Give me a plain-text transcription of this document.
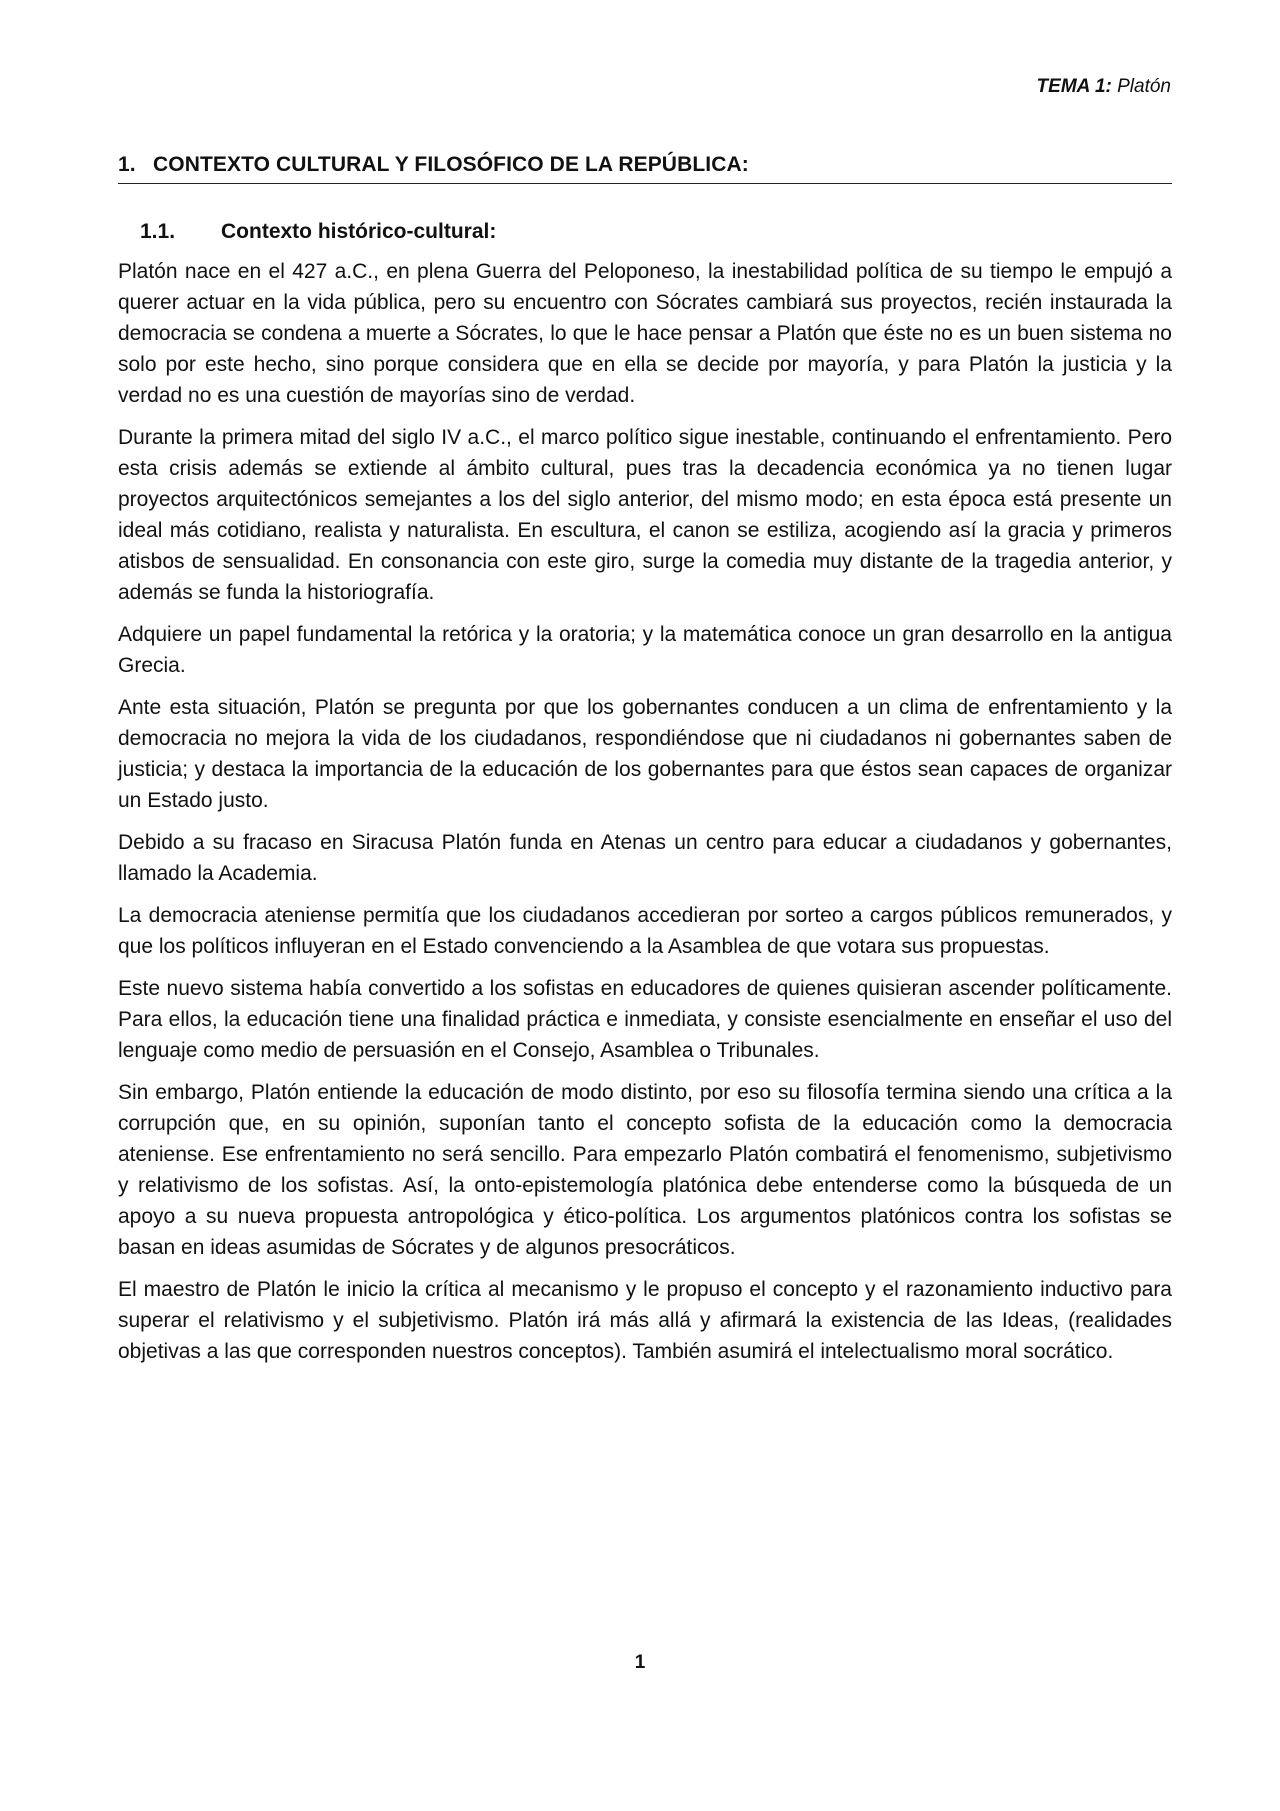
TEMA 1: Platón
1. CONTEXTO CULTURAL Y FILOSÓFICO DE LA REPÚBLICA:
1.1. Contexto histórico-cultural:

Platón nace en el 427 a.C., en plena Guerra del Peloponeso, la inestabilidad política de su tiempo le empujó a querer actuar en la vida pública, pero su encuentro con Sócrates cambiará sus proyectos, recién instaurada la democracia se condena a muerte a Sócrates, lo que le hace pensar a Platón que éste no es un buen sistema no solo por este hecho, sino porque considera que en ella se decide por mayoría, y para Platón la justicia y la verdad no es una cuestión de mayorías sino de verdad.

Durante la primera mitad del siglo IV a.C., el marco político sigue inestable, continuando el enfrentamiento. Pero esta crisis además se extiende al ámbito cultural, pues tras la decadencia económica ya no tienen lugar proyectos arquitectónicos semejantes a los del siglo anterior, del mismo modo; en esta época está presente un ideal más cotidiano, realista y naturalista. En escultura, el canon se estiliza, acogiendo así la gracia y primeros atisbos de sensualidad. En consonancia con este giro, surge la comedia muy distante de la tragedia anterior, y además se funda la historiografía.

Adquiere un papel fundamental la retórica y la oratoria; y la matemática conoce un gran desarrollo en la antigua Grecia.

Ante esta situación, Platón se pregunta por que los gobernantes conducen a un clima de enfrentamiento y la democracia no mejora la vida de los ciudadanos, respondiéndose que ni ciudadanos ni gobernantes saben de justicia; y destaca la importancia de la educación de los gobernantes para que éstos sean capaces de organizar un Estado justo.

Debido a su fracaso en Siracusa Platón funda en Atenas un centro para educar a ciudadanos y gobernantes, llamado la Academia.

La democracia ateniense permitía que los ciudadanos accedieran por sorteo a cargos públicos remunerados, y que los políticos influyeran en el Estado convenciendo a la Asamblea de que votara sus propuestas.

Este nuevo sistema había convertido a los sofistas en educadores de quienes quisieran ascender políticamente. Para ellos, la educación tiene una finalidad práctica e inmediata, y consiste esencialmente en enseñar el uso del lenguaje como medio de persuasión en el Consejo, Asamblea o Tribunales.

Sin embargo, Platón entiende la educación de modo distinto, por eso su filosofía termina siendo una crítica a la corrupción que, en su opinión, suponían tanto el concepto sofista de la educación como la democracia ateniense. Ese enfrentamiento no será sencillo. Para empezarlo Platón combatirá el fenomenismo, subjetivismo y relativismo de los sofistas. Así, la onto-epistemología platónica debe entenderse como la búsqueda de un apoyo a su nueva propuesta antropológica y ético-política. Los argumentos platónicos contra los sofistas se basan en ideas asumidas de Sócrates y de algunos presocráticos.

El maestro de Platón le inicio la crítica al mecanismo y le propuso el concepto y el razonamiento inductivo para superar el relativismo y el subjetivismo. Platón irá más allá y afirmará la existencia de las Ideas, (realidades objetivas a las que corresponden nuestros conceptos). También asumirá el intelectualismo moral socrático.

1
